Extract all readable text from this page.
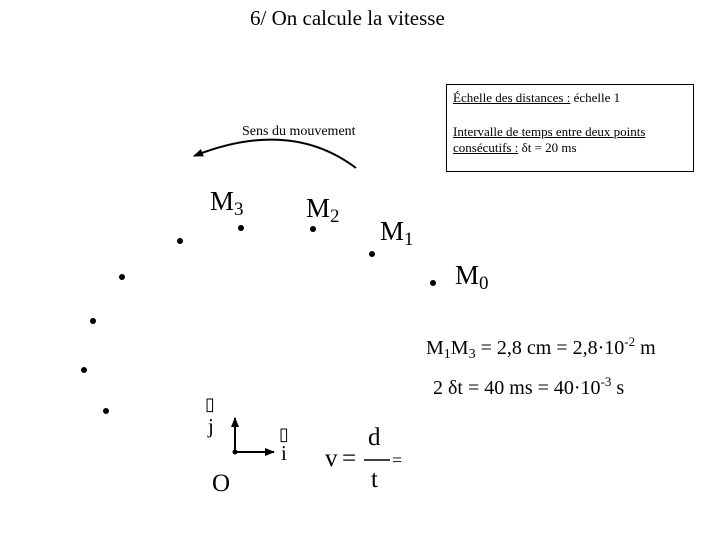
6/ On calcule la vitesse
Échelle des distances : échelle 1
Intervalle de temps entre deux points
consécutifs : δt = 20 ms
Sens du mouvement
$M_3$ $M_2$ $M_1$
$M_0$
$M_1M_3 = 2,8$ cm = $2,8\cdot 10^{-2}$ m
2 δt = 40 ms = $40\cdot 10^{-3}$ s
▯
j	▯
i
O
v =
d
t
=
